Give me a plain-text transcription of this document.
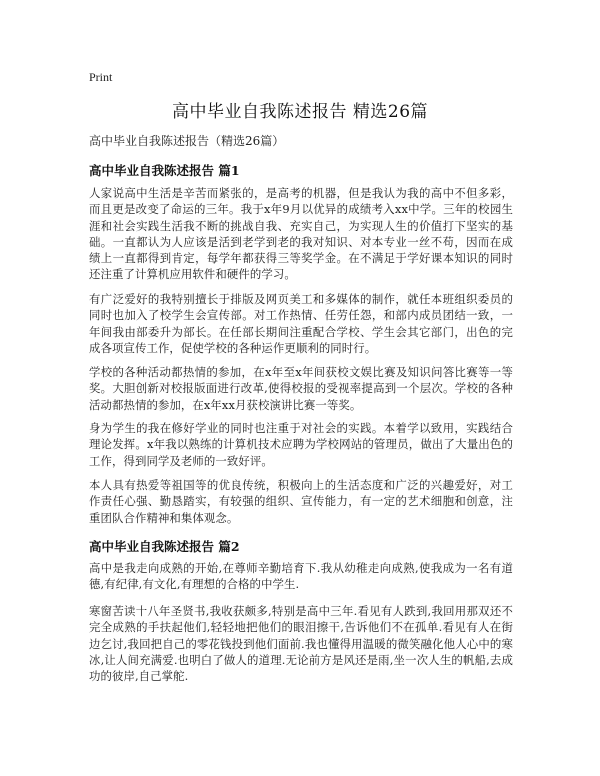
Print
高中毕业自我陈述报告 精选26篇
高中毕业自我陈述报告（精选26篇）
高中毕业自我陈述报告 篇1

人家说高中生活是辛苦而紧张的，是高考的机器，但是我认为我的高中不但多彩，而且更是改变了命运的三年。我于x年9月以优异的成绩考入xx中学。三年的校园生涯和社会实践生活我不断的挑战自我、充实自己，为实现人生的价值打下坚实的基础。一直都认为人应该是活到老学到老的我对知识、对本专业一丝不苟，因而在成绩上一直都得到肯定，每学年都获得三等奖学金。在不满足于学好课本知识的同时还注重了计算机应用软件和硬件的学习。

有广泛爱好的我特别擅长于排版及网页美工和多媒体的制作，就任本班组织委员的同时也加入了校学生会宣传部。对工作热情、任劳任怨，和部内成员团结一致，一年间我由部委升为部长。在任部长期间注重配合学校、学生会其它部门，出色的完成各项宣传工作，促使学校的各种运作更顺利的同时行。

学校的各种活动都热情的参加，在x年至x年间获校文娱比赛及知识问答比赛等一等奖。大胆创新对校报版面进行改革,使得校报的受视率提高到一个层次。学校的各种活动都热情的参加，在x年xx月获校演讲比赛一等奖。

身为学生的我在修好学业的同时也注重于对社会的实践。本着学以致用，实践结合理论发挥。x年我以熟练的计算机技术应聘为学校网站的管理员，做出了大量出色的工作，得到同学及老师的一致好评。

本人具有热爱等祖国等的优良传统，积极向上的生活态度和广泛的兴趣爱好，对工作责任心强、勤恳踏实，有较强的组织、宣传能力，有一定的艺术细胞和创意，注重团队合作精神和集体观念。

高中毕业自我陈述报告 篇2

高中是我走向成熟的开始,在尊师辛勤培育下.我从幼稚走向成熟,使我成为一名有道德,有纪律,有文化,有理想的合格的中学生.

寒窗苦读十八年圣贤书,我收获颇多,特别是高中三年.看见有人跌到,我回用那双还不完全成熟的手扶起他们,轻轻地把他们的眼泪擦干,告诉他们不在孤单.看见有人在街边乞讨,我回把自己的零花钱投到他们面前.我也懂得用温暖的微笑融化他人心中的寒冰,让人间充满爱.也明白了做人的道理.无论前方是风还是雨,坐一次人生的帆船,去成功的彼岸,自己掌舵.
